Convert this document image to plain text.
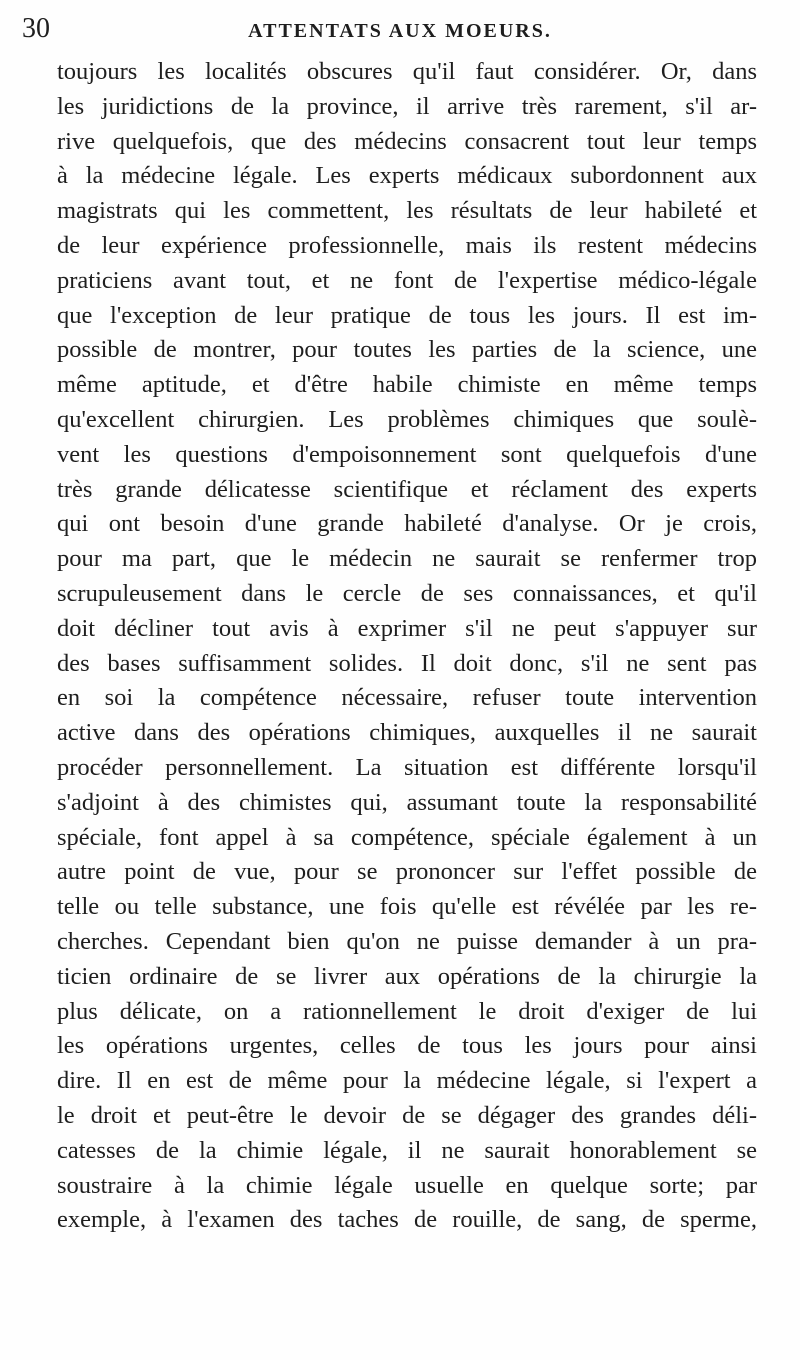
30	ATTENTATS AUX MOEURS.
toujours les localités obscures qu'il faut considérer. Or, dans
les juridictions de la province, il arrive très rarement, s'il ar-
rive quelquefois, que des médecins consacrent tout leur temps
à la médecine légale. Les experts médicaux subordonnent aux
magistrats qui les commettent, les résultats de leur habileté et
de leur expérience professionnelle, mais ils restent médecins
praticiens avant tout, et ne font de l'expertise médico-légale
que l'exception de leur pratique de tous les jours. Il est im-
possible de montrer, pour toutes les parties de la science, une
même aptitude, et d'être habile chimiste en même temps
qu'excellent chirurgien. Les problèmes chimiques que soulè-
vent les questions d'empoisonnement sont quelquefois d'une
très grande délicatesse scientifique et réclament des experts
qui ont besoin d'une grande habileté d'analyse. Or je crois,
pour ma part, que le médecin ne saurait se renfermer trop
scrupuleusement dans le cercle de ses connaissances, et qu'il
doit décliner tout avis à exprimer s'il ne peut s'appuyer sur
des bases suffisamment solides. Il doit donc, s'il ne sent pas
en soi la compétence nécessaire, refuser toute intervention
active dans des opérations chimiques, auxquelles il ne saurait
procéder personnellement. La situation est différente lorsqu'il
s'adjoint à des chimistes qui, assumant toute la responsabilité
spéciale, font appel à sa compétence, spéciale également à un
autre point de vue, pour se prononcer sur l'effet possible de
telle ou telle substance, une fois qu'elle est révélée par les re-
cherches. Cependant bien qu'on ne puisse demander à un pra-
ticien ordinaire de se livrer aux opérations de la chirurgie la
plus délicate, on a rationnellement le droit d'exiger de lui
les opérations urgentes, celles de tous les jours pour ainsi
dire. Il en est de même pour la médecine légale, si l'expert a
le droit et peut-être le devoir de se dégager des grandes déli-
catesses de la chimie légale, il ne saurait honorablement se
soustraire à la chimie légale usuelle en quelque sorte; par
exemple, à l'examen des taches de rouille, de sang, de sperme,
